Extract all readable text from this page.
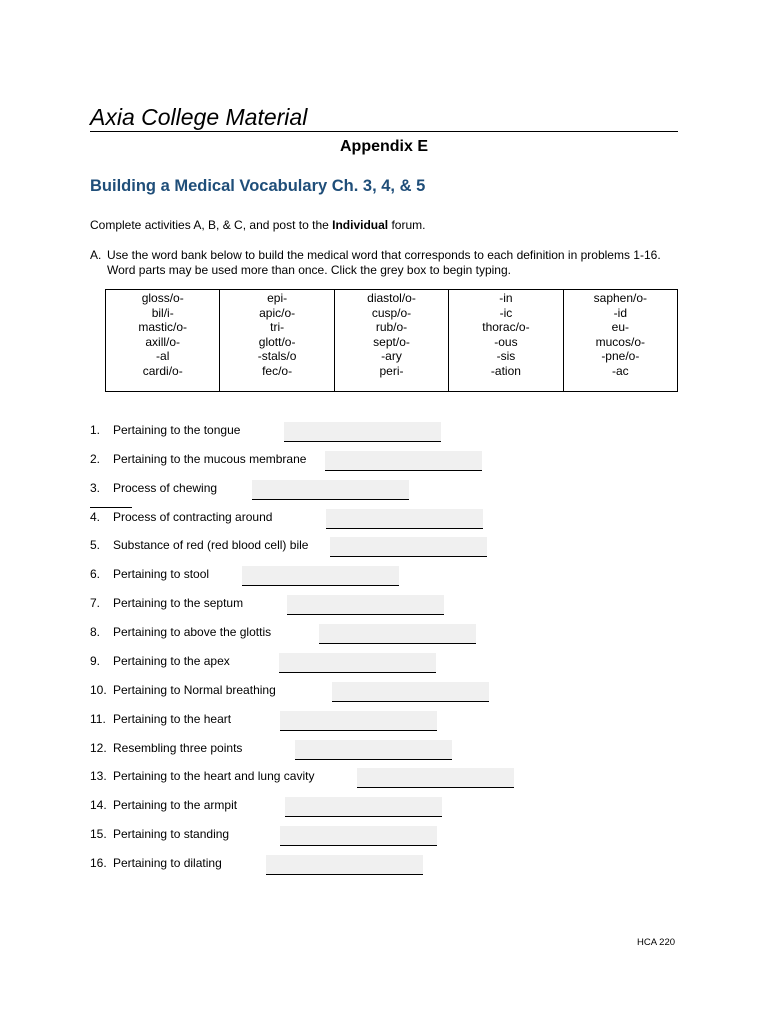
Axia College Material
Appendix E
Building a Medical Vocabulary Ch. 3, 4, & 5
Complete activities A, B, & C, and post to the Individual forum.
A. Use the word bank below to build the medical word that corresponds to each definition in problems 1-16. Word parts may be used more than once. Click the grey box to begin typing.
gloss/o-
bil/i-
mastic/o-
axill/o-
-al
cardi/o-
epi-
apic/o-
tri-
glott/o-
-stals/o
fec/o-
diastol/o-
cusp/o-
rub/o-
sept/o-
-ary
peri-
-in
-ic
thorac/o-
-ous
-sis
-ation
saphen/o-
-id
eu-
mucos/o-
-pne/o-
-ac
1. Pertaining to the tongue
2. Pertaining to the mucous membrane
3. Process of chewing
4. Process of contracting around
5. Substance of red (red blood cell) bile
6. Pertaining to stool
7. Pertaining to the septum
8. Pertaining to above the glottis
9. Pertaining to the apex
10. Pertaining to Normal breathing
11. Pertaining to the heart
12. Resembling three points
13. Pertaining to the heart and lung cavity
14. Pertaining to the armpit
15. Pertaining to standing
16. Pertaining to dilating
HCA 220
